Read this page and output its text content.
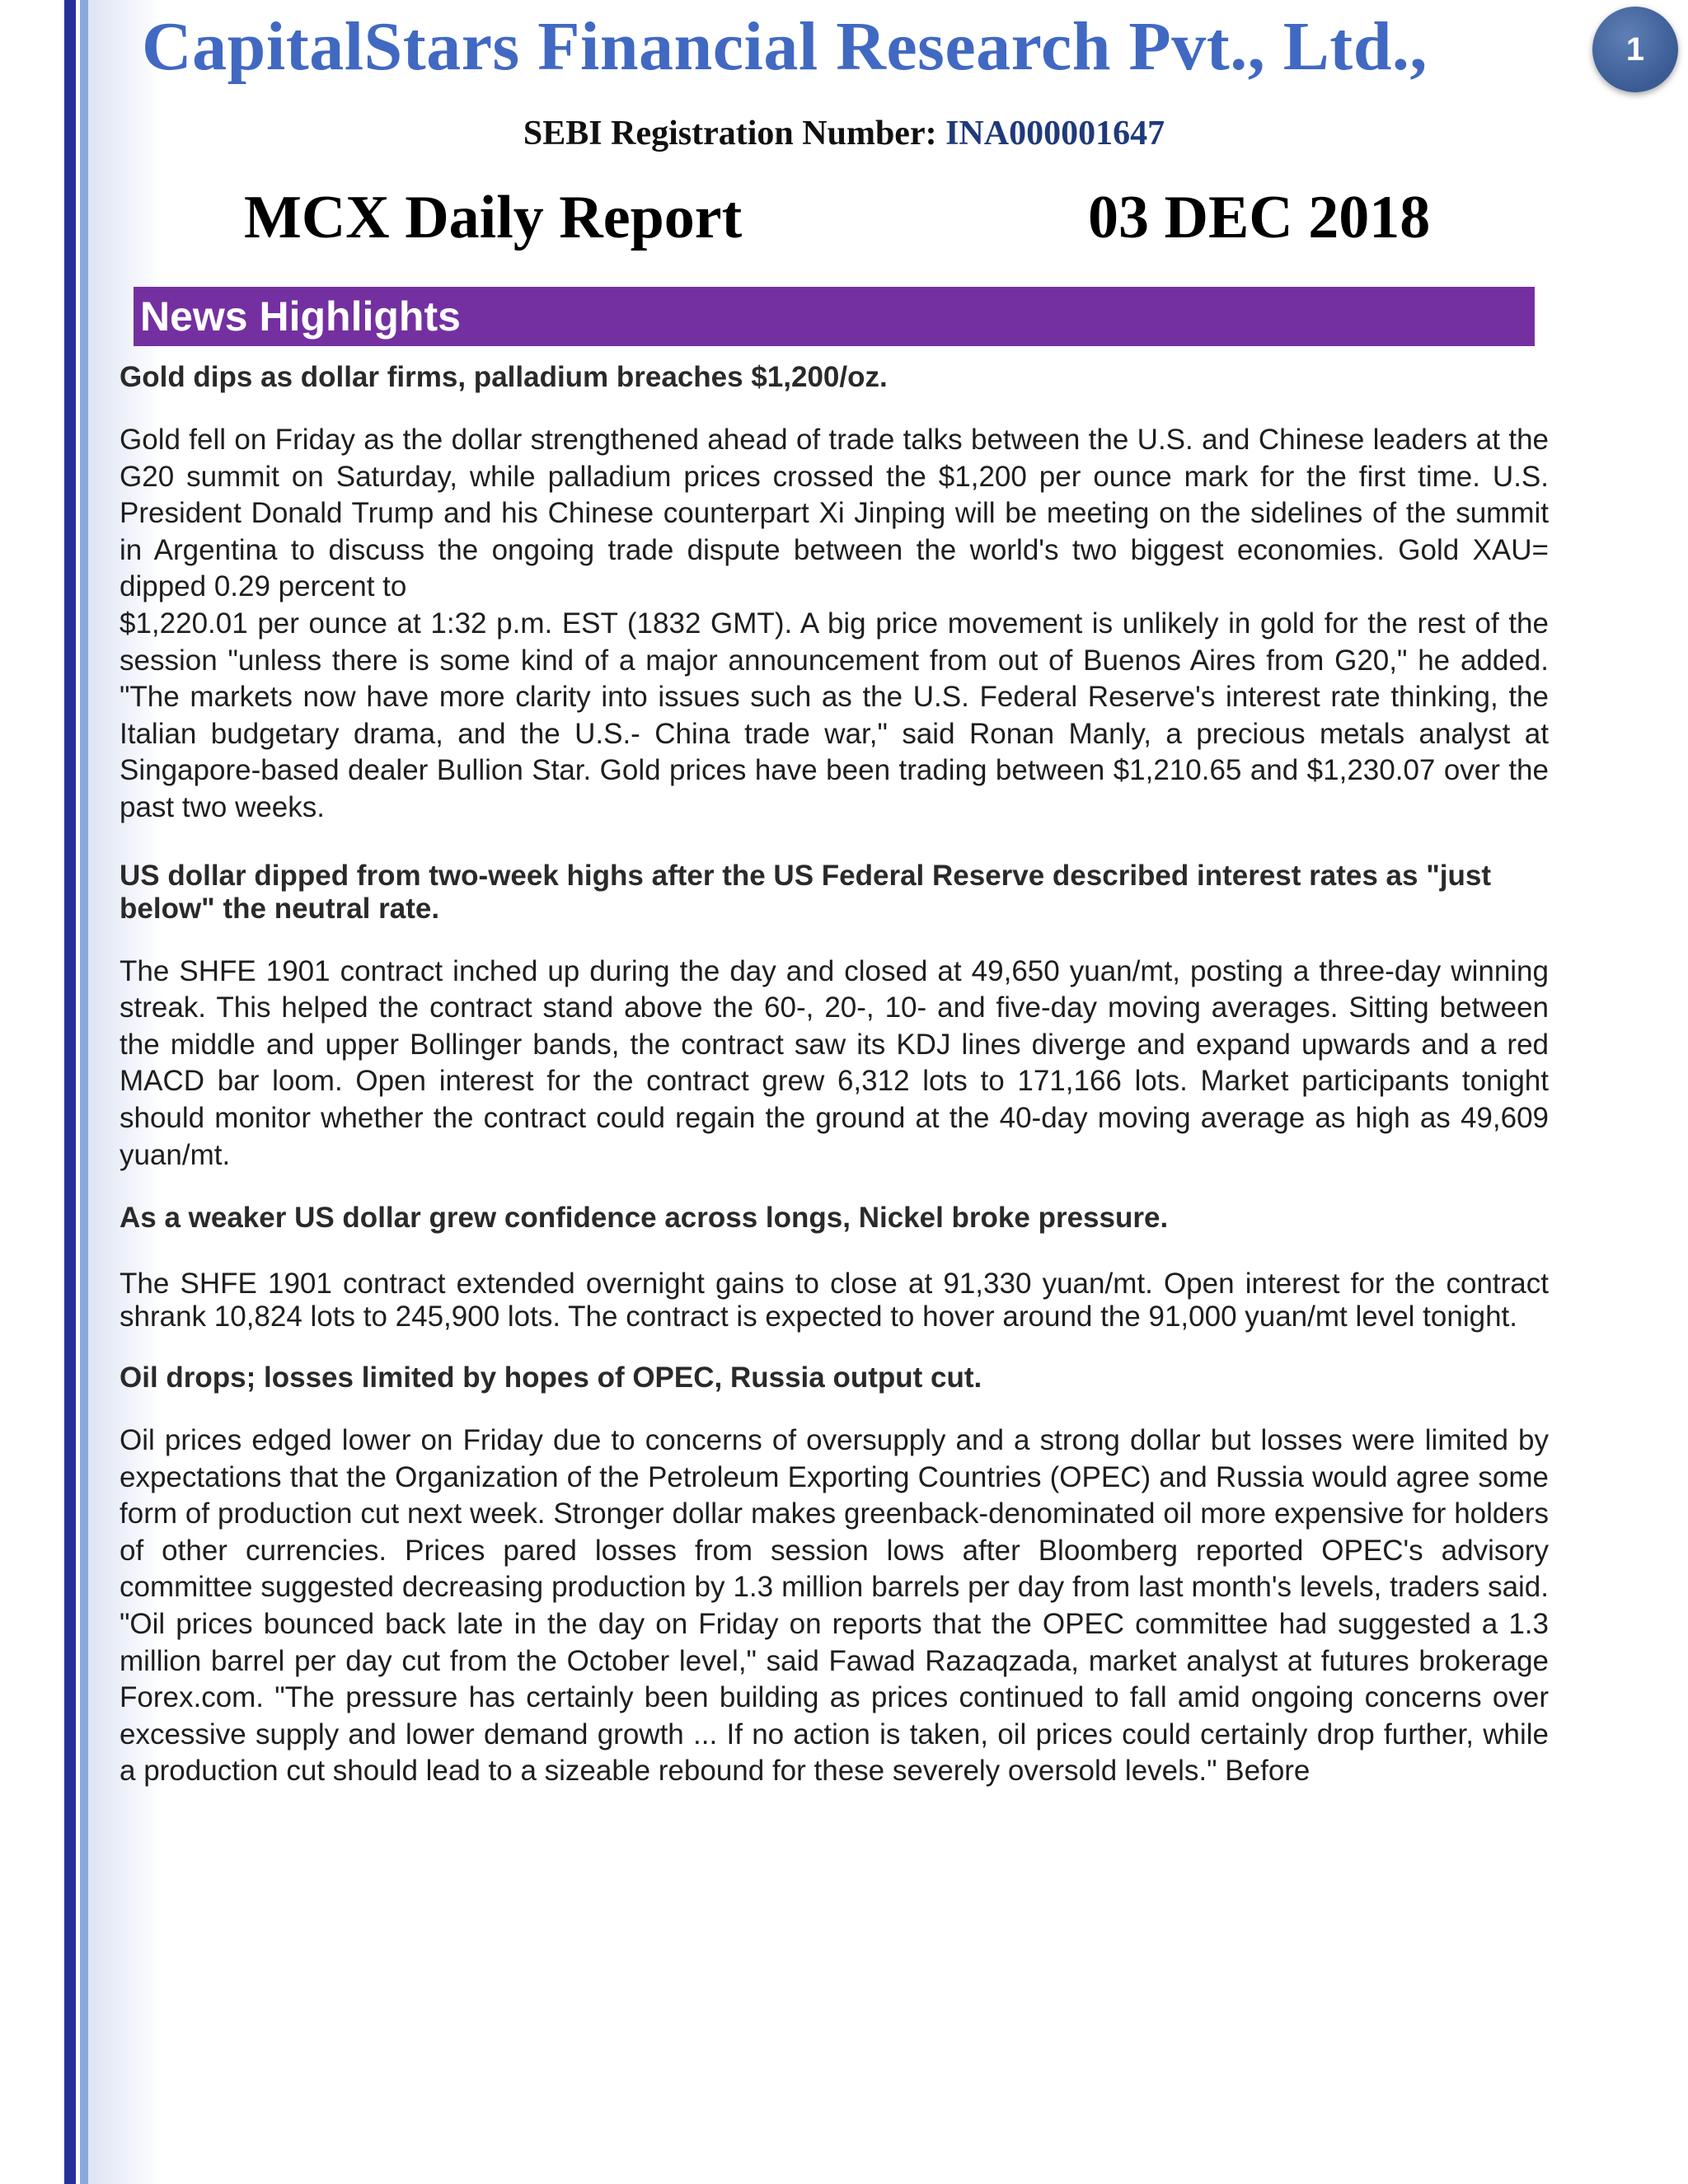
CapitalStars Financial Research Pvt., Ltd.,	1
SEBI Registration Number: INA000001647
MCX Daily Report	03 DEC 2018
News Highlights
Gold dips as dollar firms, palladium breaches $1,200/oz.

Gold fell on Friday as the dollar strengthened ahead of trade talks between the U.S. and Chinese leaders at the G20 summit on Saturday, while palladium prices crossed the $1,200 per ounce mark for the first time. U.S. President Donald Trump and his Chinese counterpart Xi Jinping will be meeting on the sidelines of the summit in Argentina to discuss the ongoing trade dispute between the world's two biggest economies. Gold XAU= dipped 0.29 percent to

$1,220.01 per ounce at 1:32 p.m. EST (1832 GMT). A big price movement is unlikely in gold for the rest of the session "unless there is some kind of a major announcement from out of Buenos Aires from G20," he added. "The markets now have more clarity into issues such as the U.S. Federal Reserve's interest rate thinking, the Italian budgetary drama, and the U.S.- China trade war," said Ronan Manly, a precious metals analyst at Singapore-based dealer Bullion Star. Gold prices have been trading between $1,210.65 and $1,230.07 over the past two weeks.

US dollar dipped from two-week highs after the US Federal Reserve described interest rates as "just below" the neutral rate.

The SHFE 1901 contract inched up during the day and closed at 49,650 yuan/mt, posting a three-day winning streak. This helped the contract stand above the 60-, 20-, 10- and five-day moving averages. Sitting between the middle and upper Bollinger bands, the contract saw its KDJ lines diverge and expand upwards and a red MACD bar loom. Open interest for the contract grew 6,312 lots to 171,166 lots. Market participants tonight should monitor whether the contract could regain the ground at the 40-day moving average as high as 49,609 yuan/mt.

As a weaker US dollar grew confidence across longs, Nickel broke pressure.

The SHFE 1901 contract extended overnight gains to close at 91,330 yuan/mt. Open interest for the contract shrank 10,824 lots to 245,900 lots. The contract is expected to hover around the 91,000 yuan/mt level tonight.

Oil drops; losses limited by hopes of OPEC, Russia output cut.

Oil prices edged lower on Friday due to concerns of oversupply and a strong dollar but losses were limited by expectations that the Organization of the Petroleum Exporting Countries (OPEC) and Russia would agree some form of production cut next week. Stronger dollar makes greenback-denominated oil more expensive for holders of other currencies. Prices pared losses from session lows after Bloomberg reported OPEC's advisory committee suggested decreasing production by 1.3 million barrels per day from last month's levels, traders said. "Oil prices bounced back late in the day on Friday on reports that the OPEC committee had suggested a 1.3 million barrel per day cut from the October level," said Fawad Razaqzada, market analyst at futures brokerage Forex.com. "The pressure has certainly been building as prices continued to fall amid ongoing concerns over excessive supply and lower demand growth ... If no action is taken, oil prices could certainly drop further, while a production cut should lead to a sizeable rebound for these severely oversold levels." Before
